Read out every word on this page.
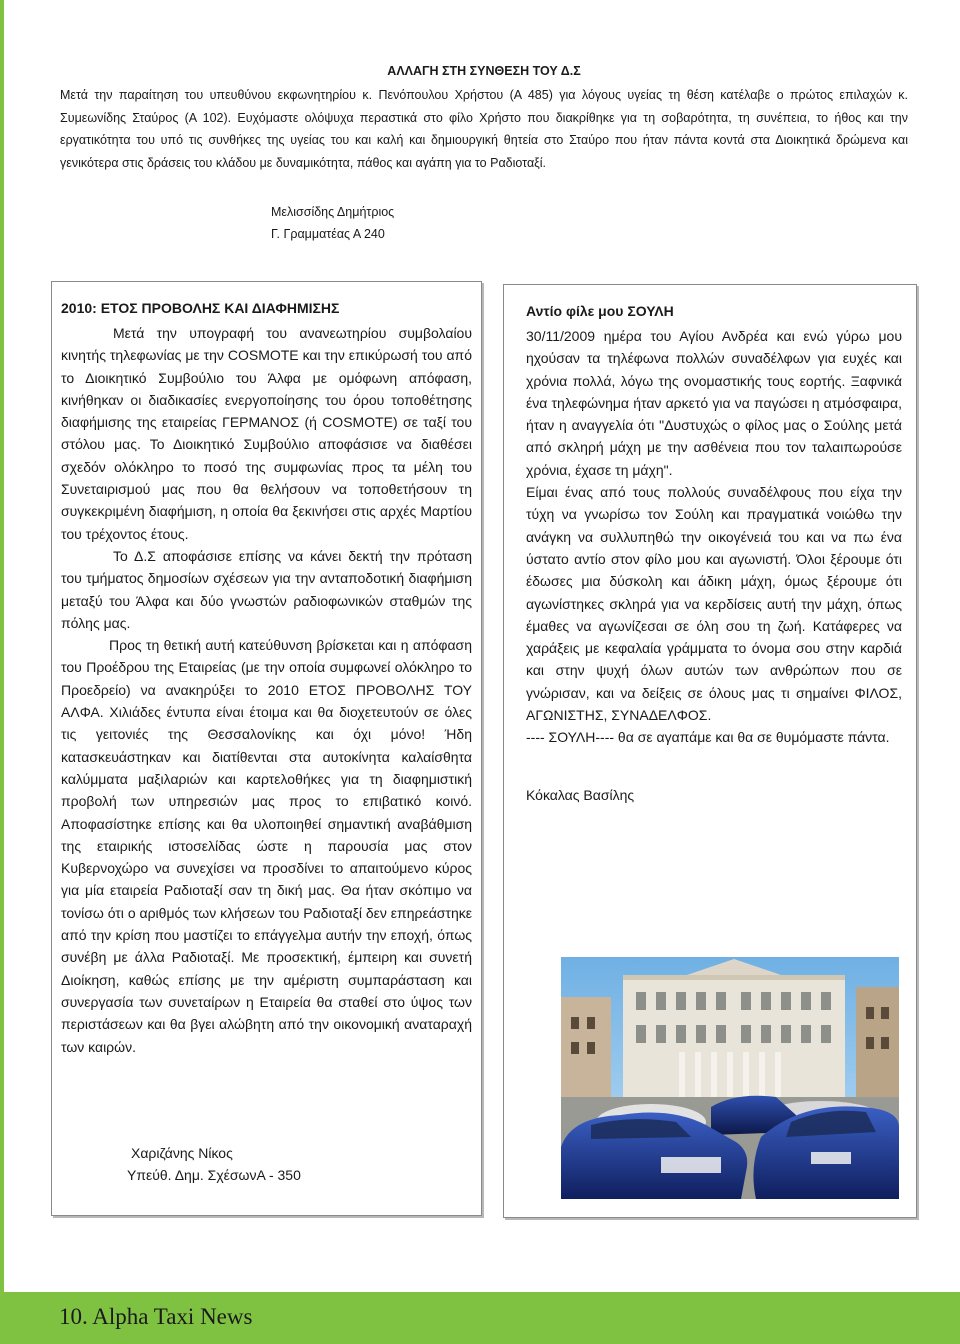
ΑΛΛΑΓΗ ΣΤΗ ΣΥΝΘΕΣΗ ΤΟΥ Δ.Σ

Μετά την παραίτηση του υπευθύνου εκφωνητηρίου κ. Πενόπουλου Χρήστου (Α 485) για λόγους υγείας τη θέση κατέλαβε ο πρώτος επιλαχών κ. Συμεωνίδης Σταύρος (Α 102). Ευχόμαστε ολόψυχα περαστικά στο φίλο Χρήστο που διακρίθηκε για τη σοβαρότητα, τη συνέπεια, το ήθος και την εργατικότητα του υπό τις συνθήκες της υγείας του και καλή και δημιουργική θητεία στο Σταύρο που ήταν πάντα κοντά στα Διοικητικά δρώμενα και γενικότερα στις δράσεις του κλάδου με δυναμικότητα, πάθος και αγάπη για το Ραδιοταξί.

Μελισσίδης Δημήτριος
Γ. Γραμματέας Α 240
2010: ΕΤΟΣ ΠΡΟΒΟΛΗΣ ΚΑΙ ΔΙΑΦΗΜΙΣΗΣ

Μετά την υπογραφή του ανανεωτηρίου συμβολαίου κινητής τηλεφωνίας με την COSMOTE και την επικύρωσή του από το Διοικητικό Συμβούλιο του Άλφα με ομόφωνη απόφαση, κινήθηκαν οι διαδικασίες ενεργοποίησης του όρου τοποθέτησης διαφήμισης της εταιρείας ΓΕΡΜΑΝΟΣ (ή COSMOTE) σε ταξί του στόλου μας. Το Διοικητικό Συμβούλιο αποφάσισε να διαθέσει σχεδόν ολόκληρο το ποσό της συμφωνίας προς τα μέλη του Συνεταιρισμού μας που θα θελήσουν να τοποθετήσουν τη συγκεκριμένη διαφήμιση, η οποία θα ξεκινήσει στις αρχές Μαρτίου του τρέχοντος έτους.

Το Δ.Σ αποφάσισε επίσης να κάνει δεκτή την πρόταση του τμήματος δημοσίων σχέσεων για την ανταποδοτική διαφήμιση μεταξύ του Άλφα και δύο γνωστών ραδιοφωνικών σταθμών της πόλης μας.

Προς τη θετική αυτή κατεύθυνση βρίσκεται και η απόφαση του Προέδρου της Εταιρείας (με την οποία συμφωνεί ολόκληρο το Προεδρείο) να ανακηρύξει το 2010 ΕΤΟΣ ΠΡΟΒΟΛΗΣ ΤΟΥ ΑΛΦΑ. Χιλιάδες έντυπα είναι έτοιμα και θα διοχετευτούν σε όλες τις γειτονιές της Θεσσαλονίκης και όχι μόνο! Ήδη κατασκευάστηκαν και διατίθενται στα αυτοκίνητα καλαίσθητα καλύμματα μαξιλαριών και καρτελοθήκες για τη διαφημιστική προβολή των υπηρεσιών μας προς το επιβατικό κοινό. Αποφασίστηκε επίσης και θα υλοποιηθεί σημαντική αναβάθμιση της εταιρικής ιστοσελίδας ώστε η παρουσία μας στον Κυβερνοχώρο να συνεχίσει να προσδίνει το απαιτούμενο κύρος για μία εταιρεία Ραδιοταξί σαν τη δική μας. Θα ήταν σκόπιμο να τονίσω ότι ο αριθμός των κλήσεων του Ραδιοταξί δεν επηρεάστηκε από την κρίση που μαστίζει το επάγγελμα αυτήν την εποχή, όπως συνέβη με άλλα Ραδιοταξί. Με προσεκτική, έμπειρη και συνετή Διοίκηση, καθώς επίσης με την αμέριστη συμπαράσταση και συνεργασία των συνεταίρων η Εταιρεία θα σταθεί στο ύψος των περιστάσεων και θα βγει αλώβητη από την οικονομική αναταραχή των καιρών.

Χαριζάνης Νίκος
Υπεύθ. Δημ. ΣχέσωνΑ - 350
Αντίο φίλε μου ΣΟΥΛΗ

30/11/2009 ημέρα του Αγίου Ανδρέα και ενώ γύρω μου ηχούσαν τα τηλέφωνα πολλών συναδέλφων για ευχές και χρόνια πολλά, λόγω της ονομαστικής τους εορτής. Ξαφνικά ένα τηλεφώνημα ήταν αρκετό για να παγώσει η ατμόσφαιρα, ήταν η αναγγελία ότι "Δυστυχώς ο φίλος μας ο Σούλης μετά από σκληρή μάχη με την ασθένεια που τον ταλαιπωρούσε χρόνια, έχασε τη μάχη".

Είμαι ένας από τους πολλούς συναδέλφους που είχα την τύχη να γνωρίσω τον Σούλη και πραγματικά νοιώθω την ανάγκη να συλλυπηθώ την οικογένειά του και να πω ένα ύστατο αντίο στον φίλο μου και αγωνιστή. Όλοι ξέρουμε ότι έδωσες μια δύσκολη και άδικη μάχη, όμως ξέρουμε ότι αγωνίστηκες σκληρά για να κερδίσεις αυτή την μάχη, όπως έμαθες να αγωνίζεσαι σε όλη σου τη ζωή. Κατάφερες να χαράξεις με κεφαλαία γράμματα το όνομα σου στην καρδιά και στην ψυχή όλων αυτών των ανθρώπων που σε γνώρισαν, και να δείξεις σε όλους μας τι σημαίνει ΦΙΛΟΣ, ΑΓΩΝΙΣΤΗΣ, ΣΥΝΑΔΕΛΦΟΣ.

---- ΣΟΥΛΗ---- θα σε αγαπάμε και θα σε θυμόμαστε πάντα.

Κόκαλας Βασίλης
10. Alpha Taxi News
